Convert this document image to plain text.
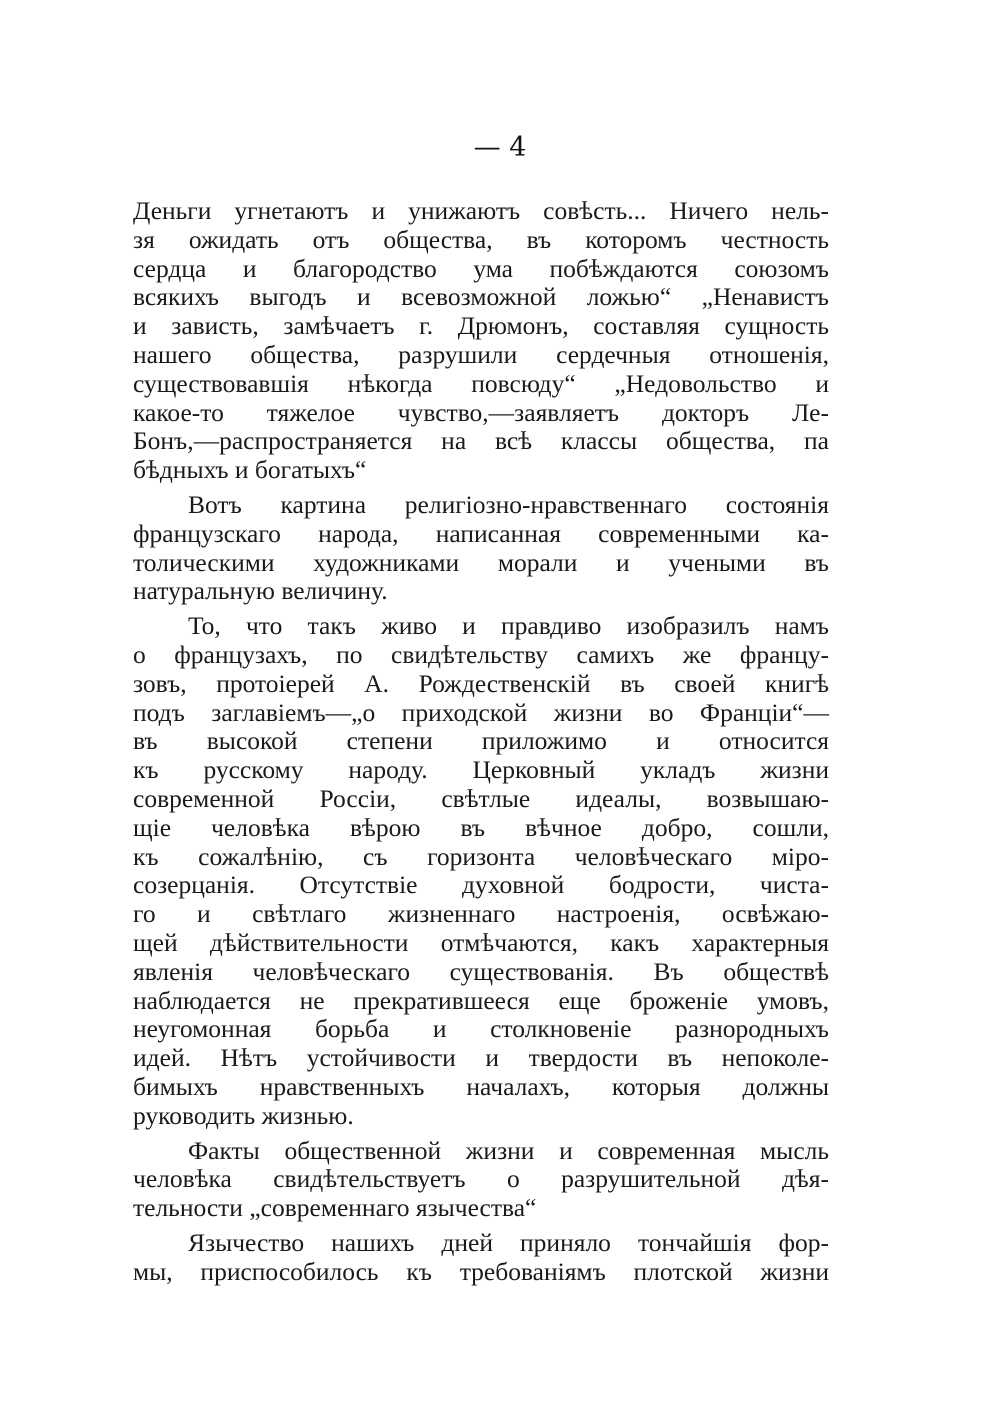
— 4
Деньги угнетаютъ и унижаютъ совѣсть... Ничего нель-
зя ожидать отъ общества, въ которомъ честность
сердца и благородство ума побѣждаются союзомъ
всякихъ выгодъ и всевозможной ложью“ „Ненавистъ
и зависть, замѣчаетъ г. Дрюмонъ, составляя сущность
нашего общества, разрушили сердечныя отношенія,
существовавшія нѣкогда повсюду“ „Недовольство и
какое-то тяжелое чувство,—заявляетъ докторъ Ле-
Бонъ,—распространяется на всѣ классы общества, па
бѣдныхъ и богатыхъ“
Вотъ картина религіозно-нравственнаго состоянія
французскаго народа, написанная современными ка-
толическими художниками морали и учеными въ
натуральную величину.
То, что такъ живо и правдиво изобразилъ намъ
о французахъ, по свидѣтельству самихъ же францу-
зовъ, протоіерей А. Рождественскій въ своей книгѣ
подъ заглавіемъ—„о приходской жизни во Франціи“—
въ высокой степени приложимо и относится
къ русскому народу. Церковный укладъ жизни
современной Россіи, свѣтлые идеалы, возвышаю-
щіе человѣка вѣрою въ вѣчное добро, сошли,
къ сожалѣнію, съ горизонта человѣческаго міро-
созерцанія. Отсутствіе духовной бодрости, чиста-
го и свѣтлаго жизненнаго настроенія, освѣжаю-
щей дѣйствительности отмѣчаются, какъ характерныя
явленія человѣческаго существованія. Въ обществѣ
наблюдается не прекратившееся еще броженіе умовъ,
неугомонная борьба и столкновеніе разнородныхъ
идей. Нѣтъ устойчивости и твердости въ непоколе-
бимыхъ нравственныхъ началахъ, которыя должны
руководить жизнью.
Факты общественной жизни и современная мысль
человѣка свидѣтельствуетъ о разрушительной дѣя-
тельности „современнаго язычества“
Язычество нашихъ дней приняло тончайшія фор-
мы, приспособилось къ требованіямъ плотской жизни
